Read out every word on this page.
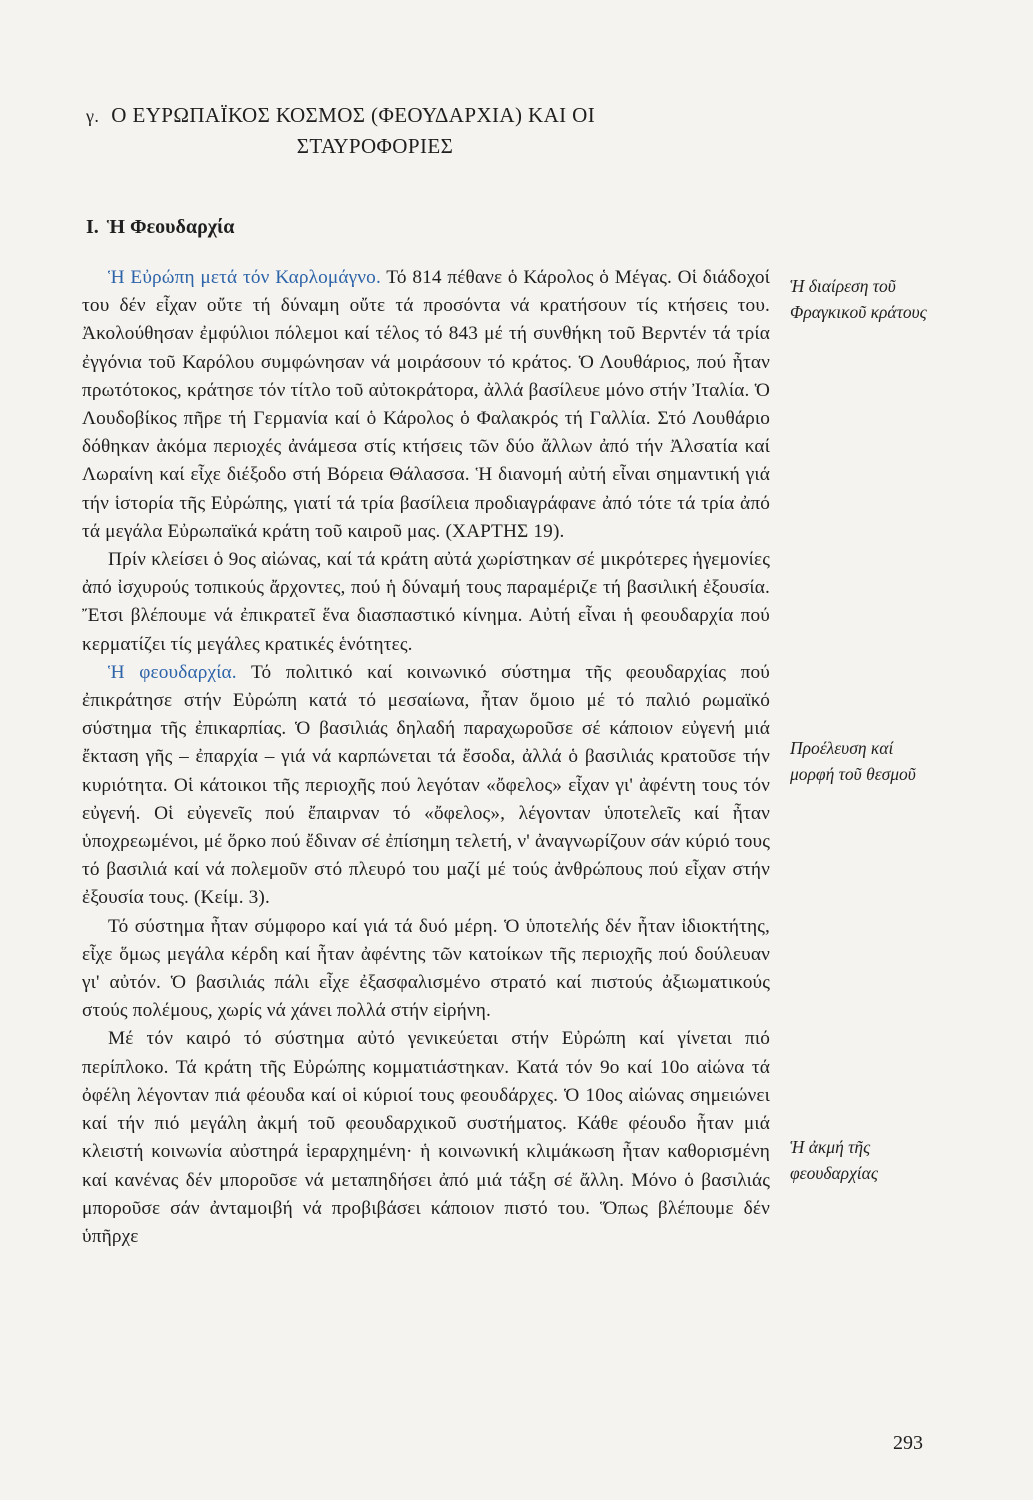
γ. Ο ΕΥΡΩΠΑΪΚΟΣ ΚΟΣΜΟΣ (ΦΕΟΥΔΑΡΧΙΑ) ΚΑΙ ΟΙ
ΣΤΑΥΡΟΦΟΡΙΕΣ
Ι. Ἡ Φεουδαρχία

Ἡ Εὐρώπη μετά τόν Καρλομάγνο. Τό 814 πέθανε ὁ Κάρολος ὁ Μέγας. Οἱ διάδοχοί του δέν εἶχαν οὔτε τή δύναμη οὔτε τά προσόντα νά κρατήσουν τίς κτήσεις του. Ἀκολούθησαν ἐμφύλιοι πόλεμοι καί τέλος τό 843 μέ τή συνθήκη τοῦ Βερντέν τά τρία ἐγγόνια τοῦ Καρόλου συμφώνησαν νά μοιράσουν τό κράτος. Ὁ Λουθάριος, πού ἦταν πρωτότοκος, κράτησε τόν τίτλο τοῦ αὐτοκράτορα, ἀλλά βασίλευε μόνο στήν Ἰταλία. Ὁ Λουδοβίκος πῆρε τή Γερμανία καί ὁ Κάρολος ὁ Φαλακρός τή Γαλλία. Στό Λουθάριο δόθηκαν ἀκόμα περιοχές ἀνάμεσα στίς κτήσεις τῶν δύο ἄλλων ἀπό τήν Ἀλσατία καί Λωραίνη καί εἶχε διέξοδο στή Βόρεια Θάλασσα. Ἡ διανομή αὐτή εἶναι σημαντική γιά τήν ἱστορία τῆς Εὐρώπης, γιατί τά τρία βασίλεια προδιαγράφανε ἀπό τότε τά τρία ἀπό τά μεγάλα Εὐρωπαϊκά κράτη τοῦ καιροῦ μας. (ΧΑΡΤΗΣ 19).

Πρίν κλείσει ὁ 9ος αἰώνας, καί τά κράτη αὐτά χωρίστηκαν σέ μικρότερες ἡγεμονίες ἀπό ἰσχυρούς τοπικούς ἄρχοντες, πού ἡ δύναμή τους παραμέριζε τή βασιλική ἐξουσία. Ἔτσι βλέπουμε νά ἐπικρατεῖ ἕνα διασπαστικό κίνημα. Αὐτή εἶναι ἡ φεουδαρχία πού κερματίζει τίς μεγάλες κρατικές ἑνότητες.

Ἡ φεουδαρχία. Τό πολιτικό καί κοινωνικό σύστημα τῆς φεουδαρχίας πού ἐπικράτησε στήν Εὐρώπη κατά τό μεσαίωνα, ἦταν ὅμοιο μέ τό παλιό ρωμαϊκό σύστημα τῆς ἐπικαρπίας. Ὁ βασιλιάς δηλαδή παραχωροῦσε σέ κάποιον εὐγενή μιά ἔκταση γῆς – ἐπαρχία – γιά νά καρπώνεται τά ἔσοδα, ἀλλά ὁ βασιλιάς κρατοῦσε τήν κυριότητα. Οἱ κάτοικοι τῆς περιοχῆς πού λεγόταν «ὄφελος» εἶχαν γι' ἀφέντη τους τόν εὐγενή. Οἱ εὐγενεῖς πού ἔπαιρναν τό «ὄφελος», λέγονταν ὑποτελεῖς καί ἦταν ὑποχρεωμένοι, μέ ὅρκο πού ἔδιναν σέ ἐπίσημη τελετή, ν' ἀναγνωρίζουν σάν κύριό τους τό βασιλιά καί νά πολεμοῦν στό πλευρό του μαζί μέ τούς ἀνθρώπους πού εἶχαν στήν ἐξουσία τους. (Κείμ. 3).

Τό σύστημα ἦταν σύμφορο καί γιά τά δυό μέρη. Ὁ ὑποτελής δέν ἦταν ἰδιοκτήτης, εἶχε ὅμως μεγάλα κέρδη καί ἦταν ἀφέντης τῶν κατοίκων τῆς περιοχῆς πού δούλευαν γι' αὐτόν. Ὁ βασιλιάς πάλι εἶχε ἐξασφαλισμένο στρατό καί πιστούς ἀξιωματικούς στούς πολέμους, χωρίς νά χάνει πολλά στήν εἰρήνη.

Μέ τόν καιρό τό σύστημα αὐτό γενικεύεται στήν Εὐρώπη καί γίνεται πιό περίπλοκο. Τά κράτη τῆς Εὐρώπης κομματιάστηκαν. Κατά τόν 9ο καί 10ο αἰώνα τά ὀφέλη λέγονταν πιά φέουδα καί οἱ κύριοί τους φεουδάρχες. Ὁ 10ος αἰώνας σημειώνει καί τήν πιό μεγάλη ἀκμή τοῦ φεουδαρχικοῦ συστήματος. Κάθε φέουδο ἦταν μιά κλειστή κοινωνία αὐστηρά ἱεραρχημένη· ἡ κοινωνική κλιμάκωση ἦταν καθορισμένη καί κανένας δέν μποροῦσε νά μεταπηδήσει ἀπό μιά τάξη σέ ἄλλη. Μόνο ὁ βασιλιάς μποροῦσε σάν ἀνταμοιβή νά προβιβάσει κάποιον πιστό του. Ὅπως βλέπουμε δέν ὑπῆρχε

Ἡ διαίρεση τοῦ
Φραγκικοῦ κράτους
Προέλευση καί
μορφή τοῦ θεσμοῦ
Ἡ ἀκμή τῆς
φεουδαρχίας
293
